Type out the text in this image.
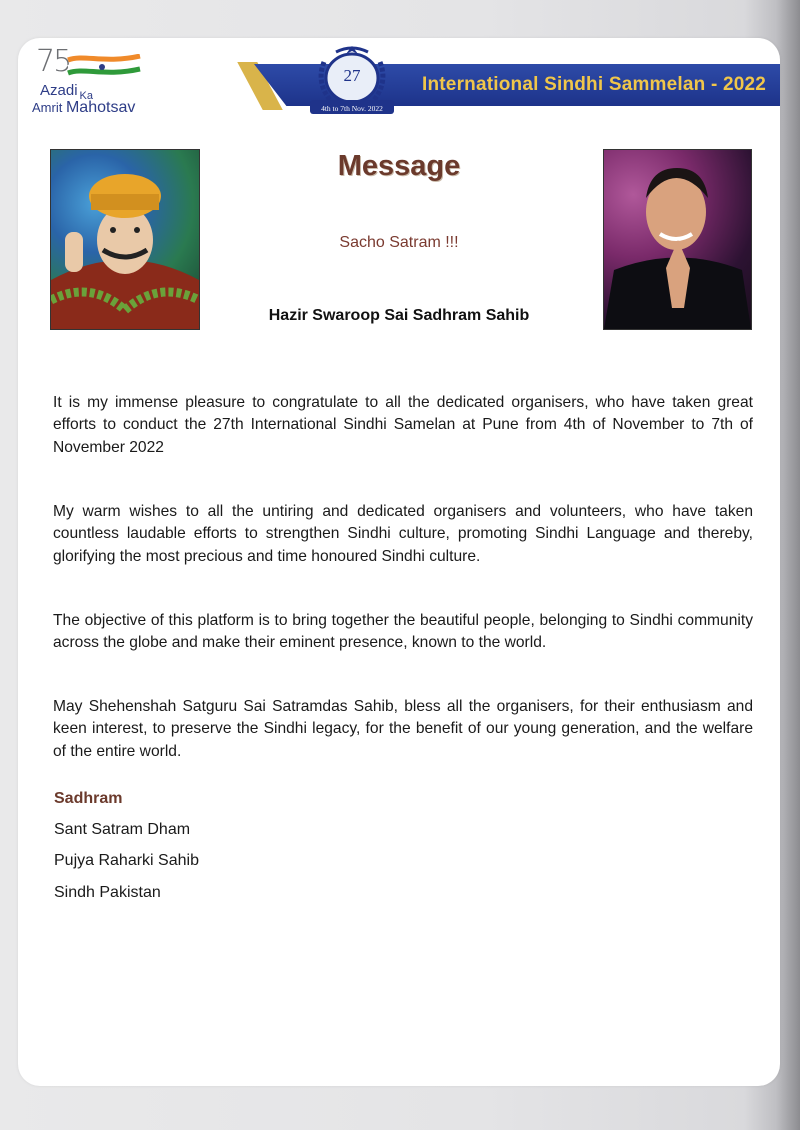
75
Azadi $_{Ka}$
Amrit Mahotsav
27
4th to 7th Nov. 2022
International Sindhi Sammelan - 2022
Message
Sacho Satram !!!
Hazir Swaroop Sai Sadhram Sahib

It is my immense pleasure to congratulate to all the dedicated organisers, who have taken great efforts to conduct the 27th International Sindhi Samelan at Pune from 4th of November to 7th of November 2022

My warm wishes to all the untiring and dedicated organisers and volunteers, who have taken countless laudable efforts to strengthen Sindhi culture, promoting Sindhi Language and thereby, glorifying the most precious and time honoured Sindhi culture.

The objective of this platform is to bring together the beautiful people, belonging to Sindhi community across the globe and make their eminent presence, known to the world.

May Shehenshah Satguru Sai Satramdas Sahib, bless all the organisers, for their enthusiasm and keen interest, to preserve the Sindhi legacy, for the benefit of our young generation, and the welfare of the entire world.

Sadhram
Sant Satram Dham
Pujya Raharki Sahib
Sindh Pakistan
